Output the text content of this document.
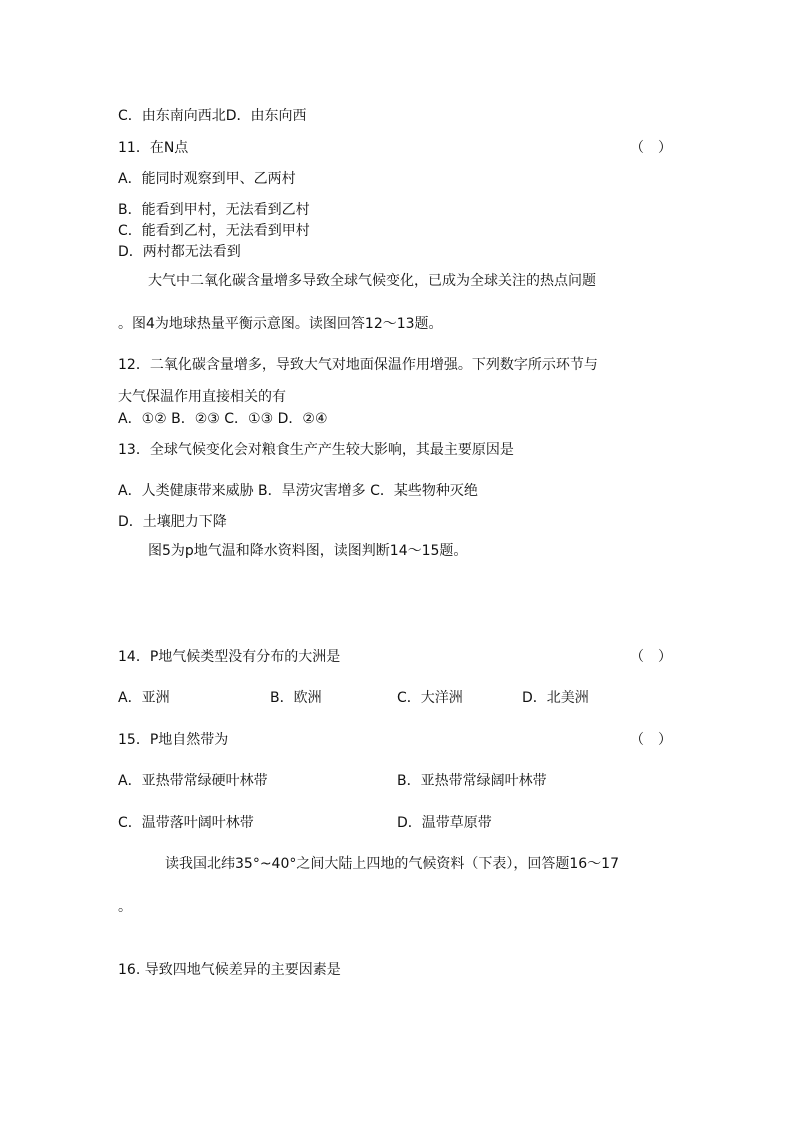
C．由东南向西北D．由东向西
11．在N点	（　）
A．能同时观察到甲、乙两村
B．能看到甲村，无法看到乙村
C．能看到乙村，无法看到甲村
D．两村都无法看到
大气中二氧化碳含量增多导致全球气候变化，已成为全球关注的热点问题
。图4为地球热量平衡示意图。读图回答12～13题。
12．二氧化碳含量增多，导致大气对地面保温作用增强。下列数字所示环节与
大气保温作用直接相关的有
A．①② B．②③ C．①③ D．②④
13．全球气候变化会对粮食生产产生较大影响，其最主要原因是
A．人类健康带来威胁 B．旱涝灾害增多 C．某些物种灭绝
D．土壤肥力下降
图5为p地气温和降水资料图，读图判断14～15题。
14．P地气候类型没有分布的大洲是	（　）
A．亚洲	B．欧洲	C．大洋洲	D．北美洲
15．P地自然带为	（　）
A．亚热带常绿硬叶林带	B．亚热带常绿阔叶林带
C．温带落叶阔叶林带	D．温带草原带
读我国北纬35°~40°之间大陆上四地的气候资料（下表），回答题16～17
。
16. 导致四地气候差异的主要因素是
